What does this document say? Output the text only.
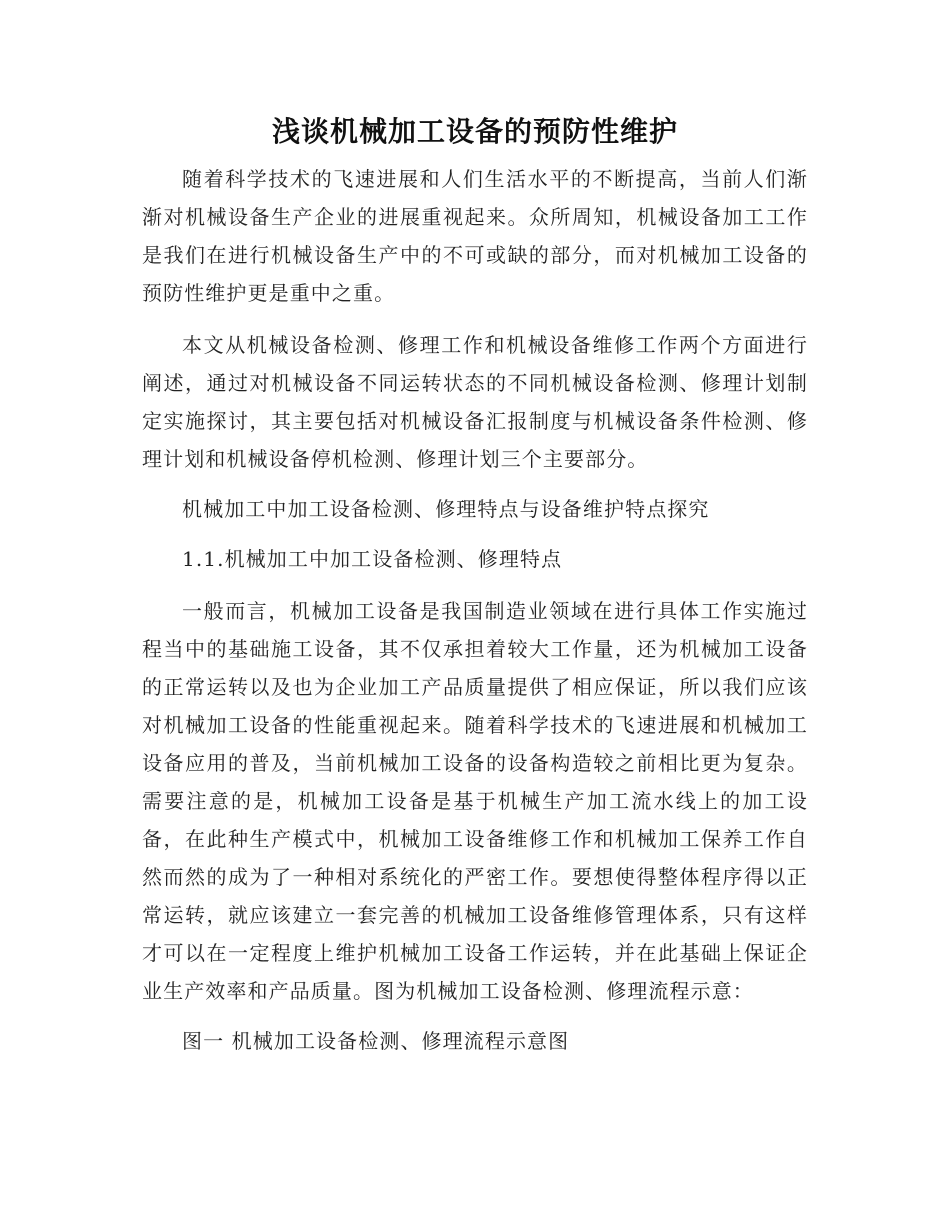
浅谈机械加工设备的预防性维护

随着科学技术的飞速进展和人们生活水平的不断提高，当前人们渐渐对机械设备生产企业的进展重视起来。众所周知，机械设备加工工作是我们在进行机械设备生产中的不可或缺的部分，而对机械加工设备的预防性维护更是重中之重。

本文从机械设备检测、修理工作和机械设备维修工作两个方面进行阐述，通过对机械设备不同运转状态的不同机械设备检测、修理计划制定实施探讨，其主要包括对机械设备汇报制度与机械设备条件检测、修理计划和机械设备停机检测、修理计划三个主要部分。

机械加工中加工设备检测、修理特点与设备维护特点探究

1.1.机械加工中加工设备检测、修理特点

一般而言，机械加工设备是我国制造业领域在进行具体工作实施过程当中的基础施工设备，其不仅承担着较大工作量，还为机械加工设备的正常运转以及也为企业加工产品质量提供了相应保证，所以我们应该对机械加工设备的性能重视起来。随着科学技术的飞速进展和机械加工设备应用的普及，当前机械加工设备的设备构造较之前相比更为复杂。需要注意的是，机械加工设备是基于机械生产加工流水线上的加工设备，在此种生产模式中，机械加工设备维修工作和机械加工保养工作自然而然的成为了一种相对系统化的严密工作。要想使得整体程序得以正常运转，就应该建立一套完善的机械加工设备维修管理体系，只有这样才可以在一定程度上维护机械加工设备工作运转，并在此基础上保证企业生产效率和产品质量。图为机械加工设备检测、修理流程示意：

图一 机械加工设备检测、修理流程示意图
